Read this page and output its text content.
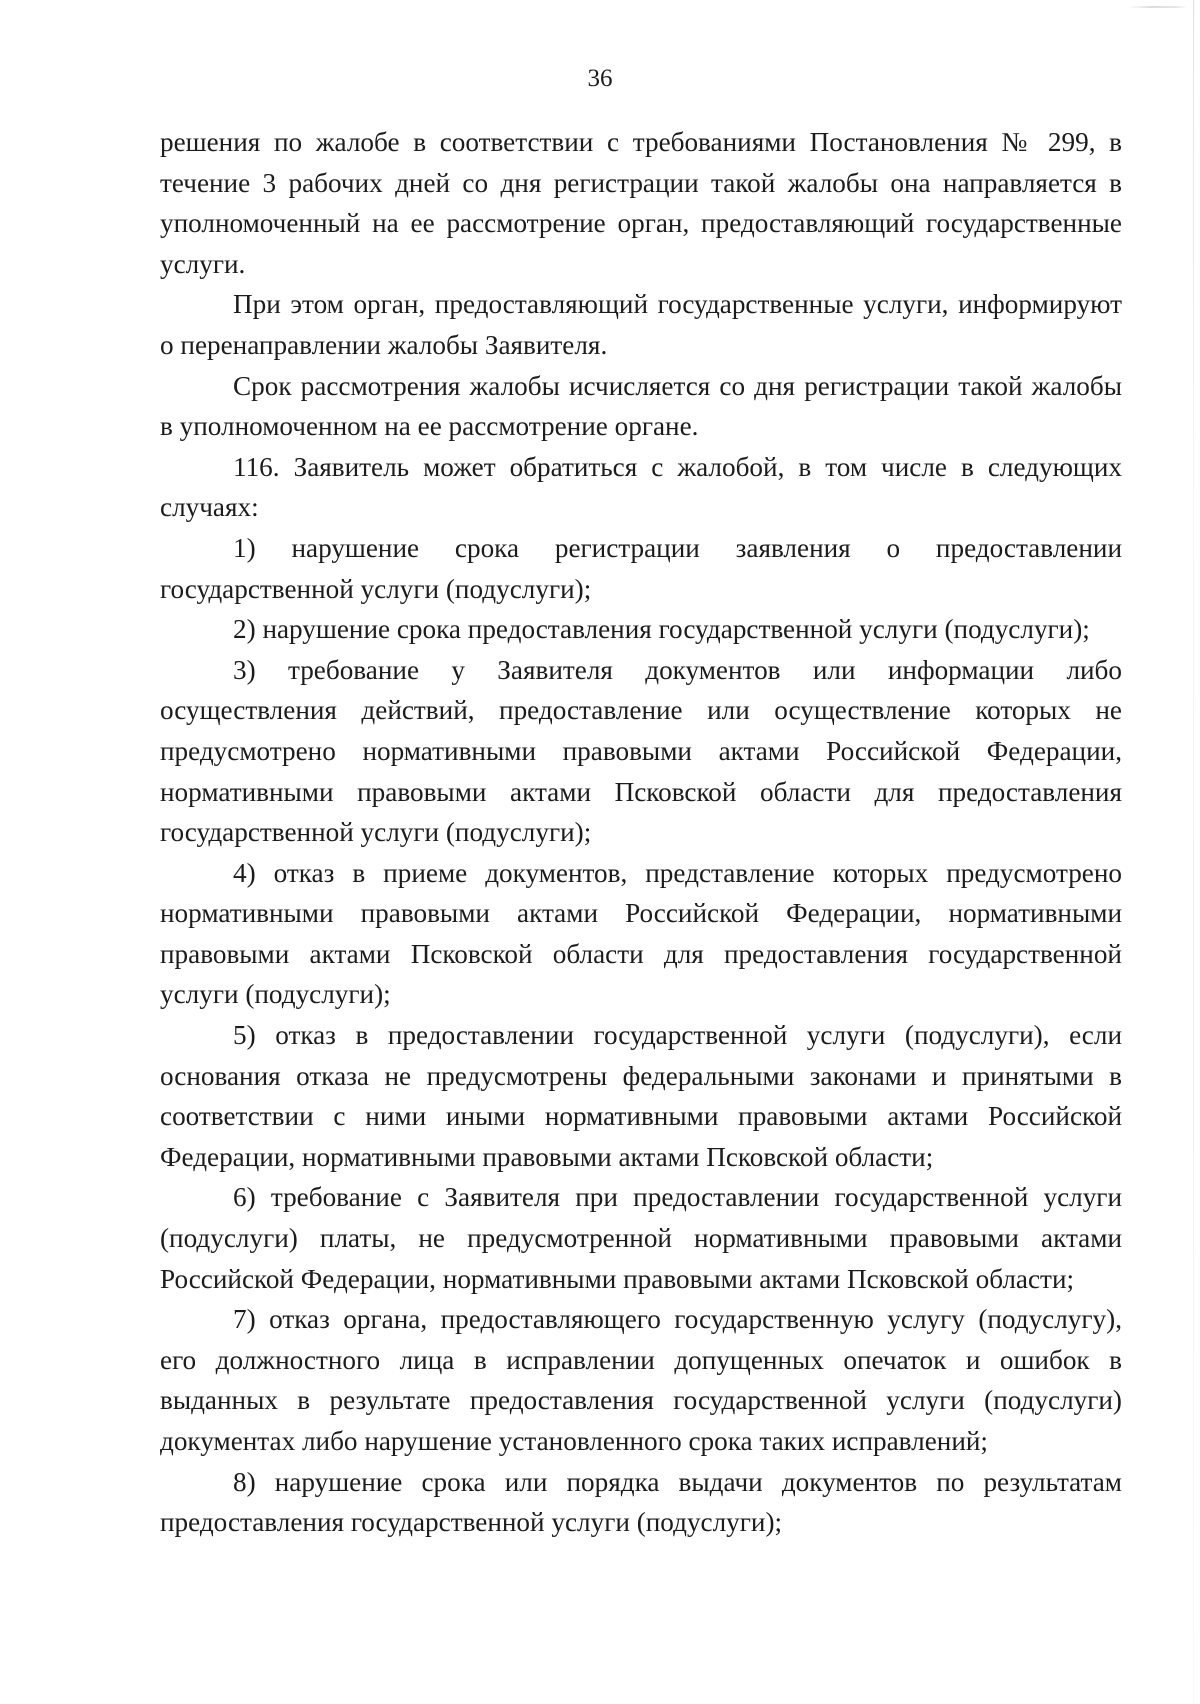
36

решения по жалобе в соответствии с требованиями Постановления № 299, в течение 3 рабочих дней со дня регистрации такой жалобы она направляется в уполномоченный на ее рассмотрение орган, предоставляющий государственные услуги.

При этом орган, предоставляющий государственные услуги, информируют о перенаправлении жалобы Заявителя.

Срок рассмотрения жалобы исчисляется со дня регистрации такой жалобы в уполномоченном на ее рассмотрение органе.

116. Заявитель может обратиться с жалобой, в том числе в следующих случаях:

1) нарушение срока регистрации заявления о предоставлении государственной услуги (подуслуги);

2) нарушение срока предоставления государственной услуги (подуслуги);

3) требование у Заявителя документов или информации либо осуществления действий, предоставление или осуществление которых не предусмотрено нормативными правовыми актами Российской Федерации, нормативными правовыми актами Псковской области для предоставления государственной услуги (подуслуги);

4) отказ в приеме документов, представление которых предусмотрено нормативными правовыми актами Российской Федерации, нормативными правовыми актами Псковской области для предоставления государственной услуги (подуслуги);

5) отказ в предоставлении государственной услуги (подуслуги), если основания отказа не предусмотрены федеральными законами и принятыми в соответствии с ними иными нормативными правовыми актами Российской Федерации, нормативными правовыми актами Псковской области;

6) требование с Заявителя при предоставлении государственной услуги (подуслуги) платы, не предусмотренной нормативными правовыми актами Российской Федерации, нормативными правовыми актами Псковской области;

7) отказ органа, предоставляющего государственную услугу (подуслугу), его должностного лица в исправлении допущенных опечаток и ошибок в выданных в результате предоставления государственной услуги (подуслуги) документах либо нарушение установленного срока таких исправлений;

8) нарушение срока или порядка выдачи документов по результатам предоставления государственной услуги (подуслуги);
